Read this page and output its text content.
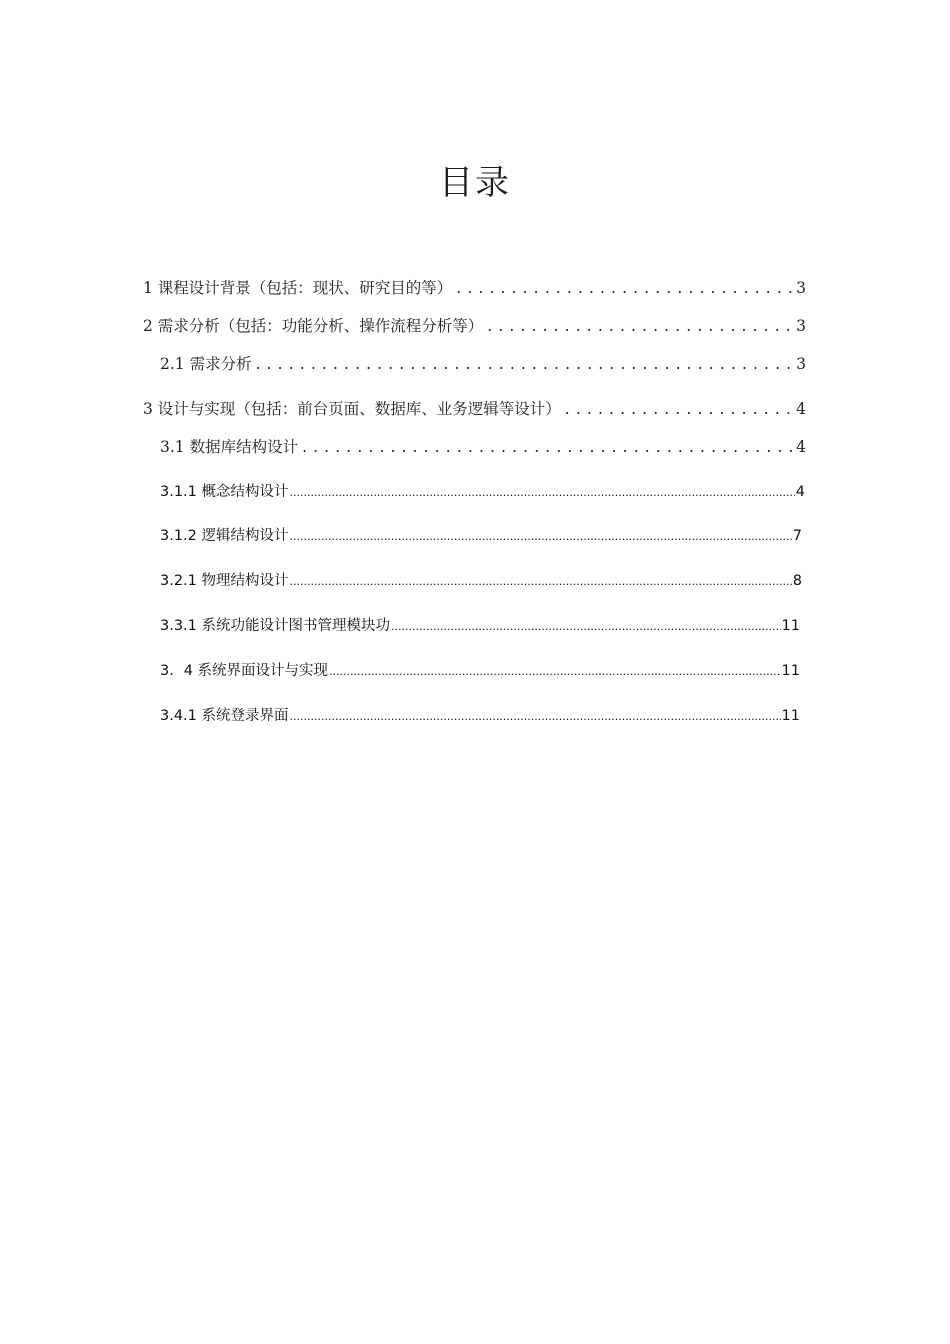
目录
1 课程设计背景（包括：现状、研究目的等） . . .	3
2 需求分析（包括：功能分析、操作流程分析等） . . .	3
2.1 需求分析 . . .	3
3 设计与实现（包括：前台页面、数据库、业务逻辑等设计） . . .	4
3.1 数据库结构设计 . . .	4
3.1.1 概念结构设计 .....	4
3.1.2 逻辑结构设计 .....	7
3.2.1 物理结构设计 .....	8
3.3.1 系统功能设计图书管理模块功 .....	11
3．4 系统界面设计与实现 .....	11
3.4.1 系统登录界面 .....	11
